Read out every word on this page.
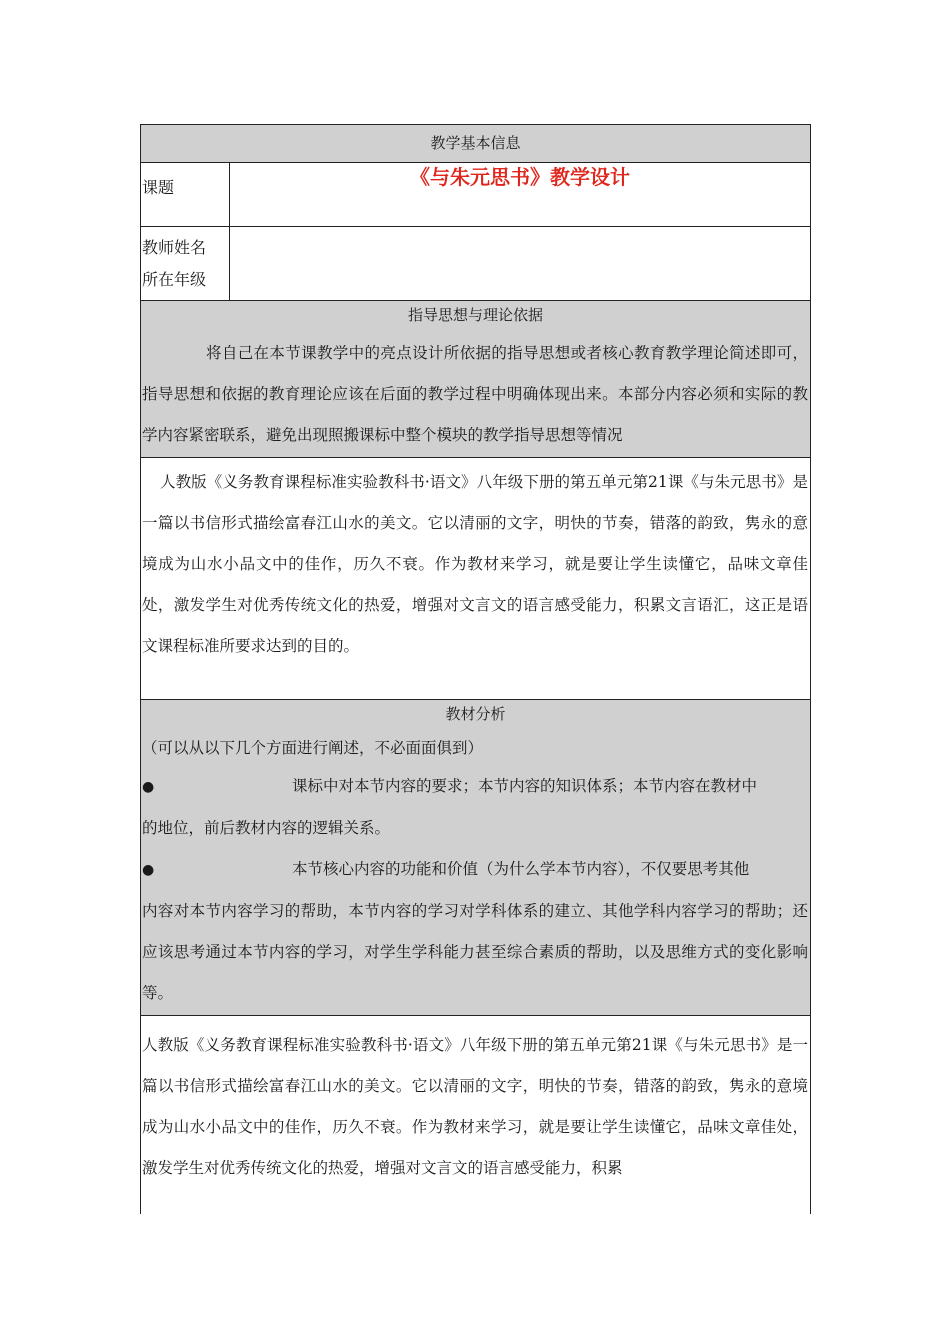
教学基本信息
课题	《与朱元思书》教学设计
教师姓名
所在年级
指导思想与理论依据
将自己在本节课教学中的亮点设计所依据的指导思想或者核心教育教学理论简述即可，指导思想和依据的教育理论应该在后面的教学过程中明确体现出来。本部分内容必须和实际的教学内容紧密联系，避免出现照搬课标中整个模块的教学指导思想等情况
人教版《义务教育课程标准实验教科书·语文》八年级下册的第五单元第21课《与朱元思书》是一篇以书信形式描绘富春江山水的美文。它以清丽的文字，明快的节奏，错落的韵致，隽永的意境成为山水小品文中的佳作，历久不衰。作为教材来学习，就是要让学生读懂它，品味文章佳处，激发学生对优秀传统文化的热爱，增强对文言文的语言感受能力，积累文言语汇，这正是语文课程标准所要求达到的目的。
教材分析
（可以从以下几个方面进行阐述，不必面面俱到）
●	课标中对本节内容的要求；本节内容的知识体系；本节内容在教材中
的地位，前后教材内容的逻辑关系。
●	本节核心内容的功能和价值（为什么学本节内容），不仅要思考其他
内容对本节内容学习的帮助，本节内容的学习对学科体系的建立、其他学科内容学习的帮助；还应该思考通过本节内容的学习，对学生学科能力甚至综合素质的帮助，以及思维方式的变化影响等。
人教版《义务教育课程标准实验教科书·语文》八年级下册的第五单元第21课《与朱元思书》是一篇以书信形式描绘富春江山水的美文。它以清丽的文字，明快的节奏，错落的韵致，隽永的意境成为山水小品文中的佳作，历久不衰。作为教材来学习，就是要让学生读懂它，品味文章佳处，激发学生对优秀传统文化的热爱，增强对文言文的语言感受能力，积累
